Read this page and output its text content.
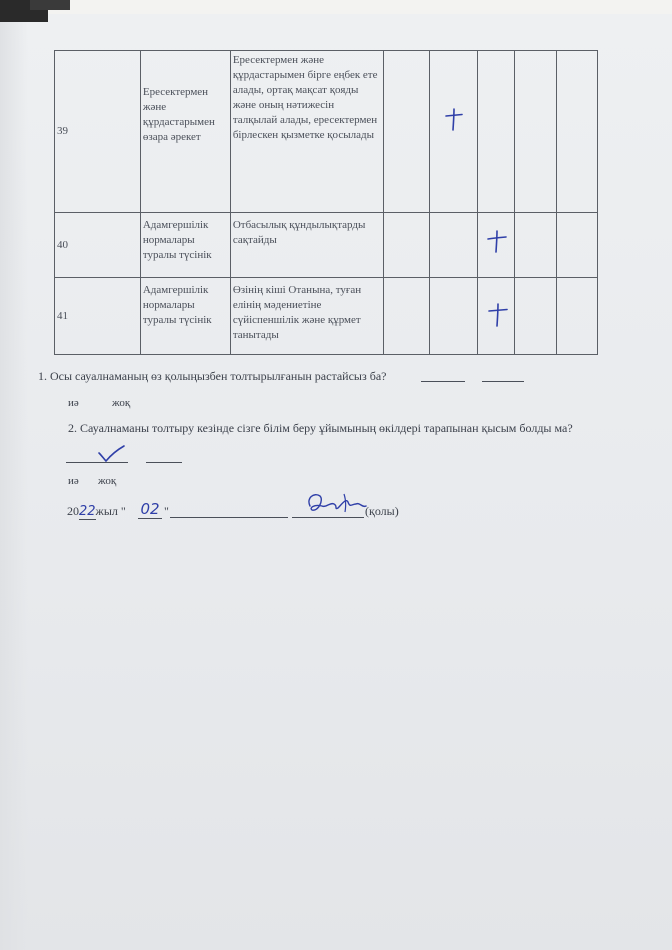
39	Ересектермен және құрдастарымен өзара әрекет	Ересектермен және құрдастарымен бірге еңбек ете алады, ортақ мақсат қояды және оның нәтижесін талқылай алады, ересектермен бірлескен қызметке қосылады		

40	Адамгершілік нормалары туралы түсінік	Отбасылық құндылықтарды сақтайды			

41	Адамгершілік нормалары туралы түсінік	Өзінің кіші Отанына, туған елінің мәдениетіне сүйіспеншілік және құрмет танытады			

1. Осы сауалнаманың өз қолыңызбен толтырылғанын растайсыз ба?
иә	жоқ
2. Сауалнаманы толтыру кезінде сізге білім беру ұйымының өкілдері тарапынан қысым болды ма?
иә жоқ
2022жыл " 02 "	(қолы)
